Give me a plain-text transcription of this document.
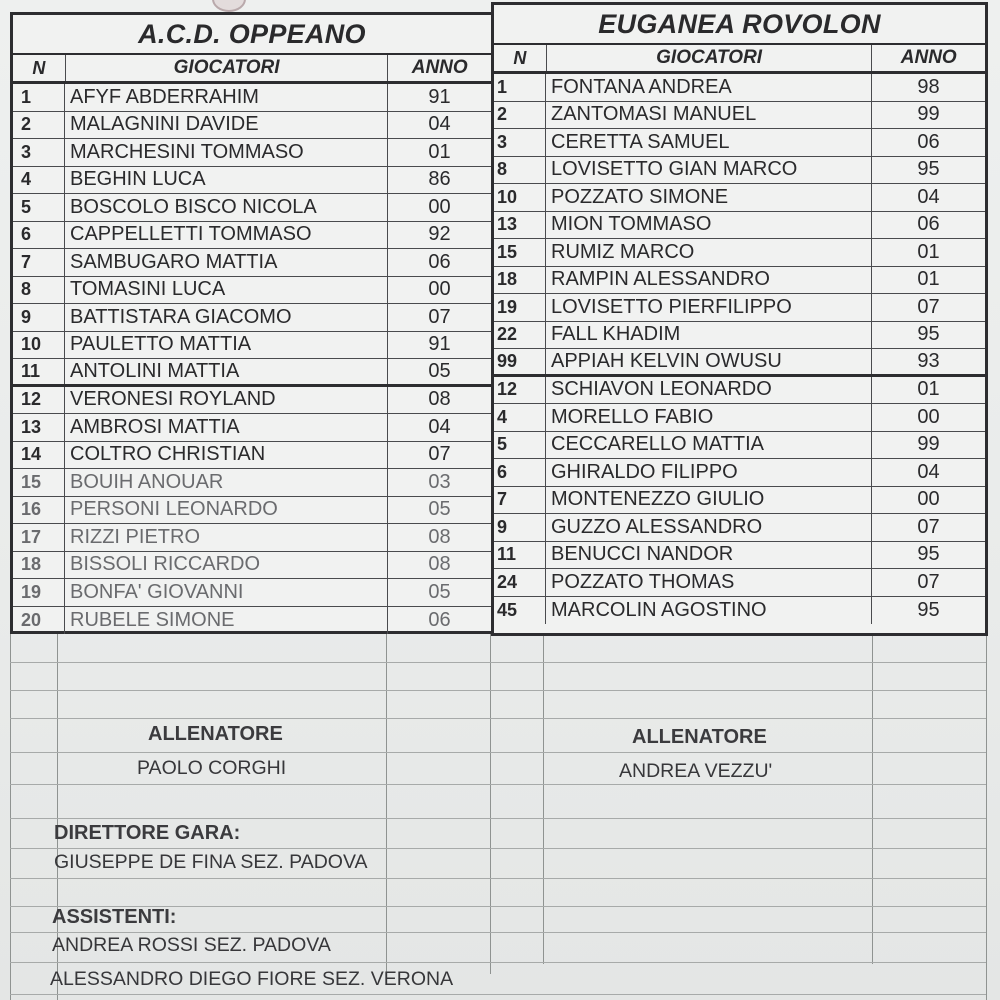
A.C.D. OPPEANO
N	GIOCATORI	ANNO
1	AFYF ABDERRAHIM	91
2	MALAGNINI DAVIDE	04
3	MARCHESINI TOMMASO	01
4	BEGHIN LUCA	86
5	BOSCOLO BISCO NICOLA	00
6	CAPPELLETTI TOMMASO	92
7	SAMBUGARO MATTIA	06
8	TOMASINI LUCA	00
9	BATTISTARA GIACOMO	07
10	PAULETTO MATTIA	91
11	ANTOLINI MATTIA	05
12	VERONESI ROYLAND	08
13	AMBROSI MATTIA	04
14	COLTRO CHRISTIAN	07
15	BOUIH ANOUAR	03
16	PERSONI LEONARDO	05
17	RIZZI PIETRO	08
18	BISSOLI RICCARDO	08
19	BONFA' GIOVANNI	05
20	RUBELE SIMONE	06
EUGANEA ROVOLON
N	GIOCATORI	ANNO
1	FONTANA ANDREA	98
2	ZANTOMASI MANUEL	99
3	CERETTA SAMUEL	06
8	LOVISETTO GIAN MARCO	95
10	POZZATO SIMONE	04
13	MION TOMMASO	06
15	RUMIZ MARCO	01
18	RAMPIN ALESSANDRO	01
19	LOVISETTO PIERFILIPPO	07
22	FALL KHADIM	95
99	APPIAH KELVIN OWUSU	93
12	SCHIAVON LEONARDO	01
4	MORELLO FABIO	00
5	CECCARELLO MATTIA	99
6	GHIRALDO FILIPPO	04
7	MONTENEZZO GIULIO	00
9	GUZZO ALESSANDRO	07
11	BENUCCI NANDOR	95
24	POZZATO THOMAS	07
45	MARCOLIN AGOSTINO	95
ALLENATORE
PAOLO CORGHI
ALLENATORE
ANDREA VEZZU'
DIRETTORE GARA:
GIUSEPPE DE FINA SEZ. PADOVA
ASSISTENTI:
ANDREA ROSSI SEZ. PADOVA
ALESSANDRO DIEGO FIORE SEZ. VERONA
